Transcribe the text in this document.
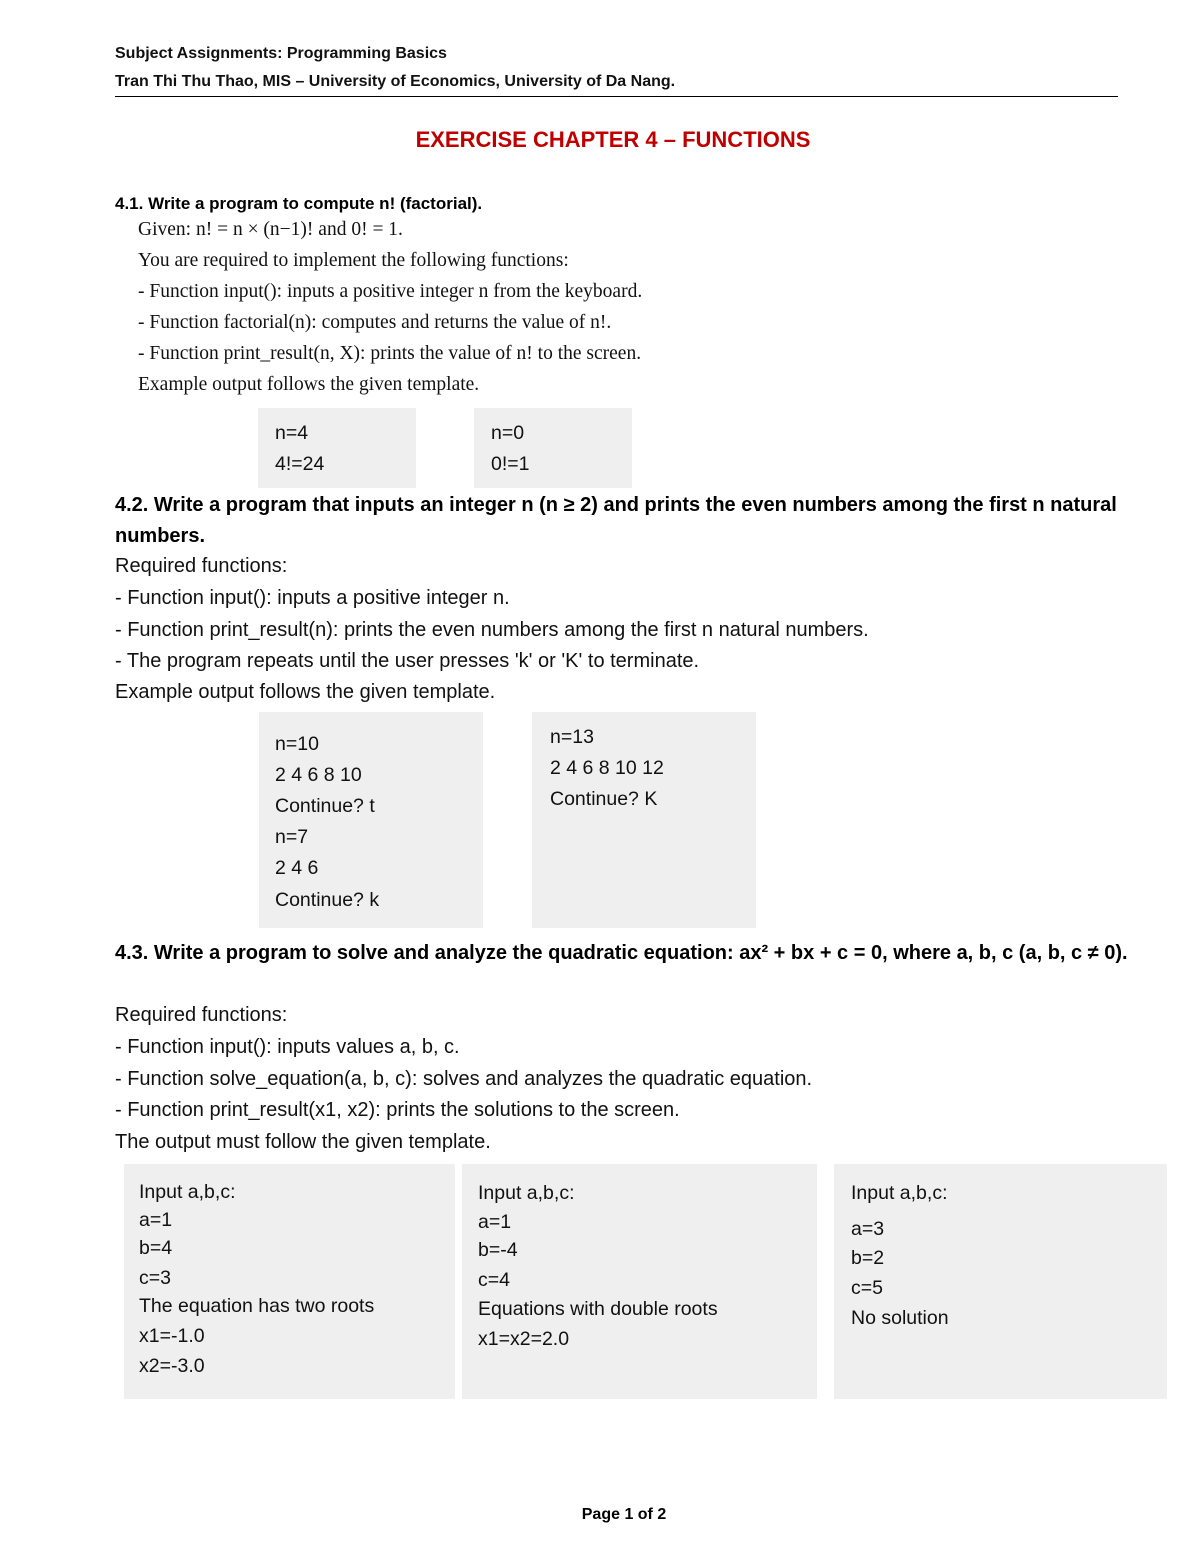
Subject Assignments: Programming Basics
Tran Thi Thu Thao, MIS – University of Economics, University of Da Nang.
EXERCISE CHAPTER 4 – FUNCTIONS
4.1. Write a program to compute n! (factorial).
Given: n! = n × (n−1)! and 0! = 1.
You are required to implement the following functions:
- Function input(): inputs a positive integer n from the keyboard.
- Function factorial(n): computes and returns the value of n!.
- Function print_result(n, X): prints the value of n! to the screen.
Example output follows the given template.
n=4
4!=24
n=0
0!=1
4.2. Write a program that inputs an integer n (n ≥ 2) and prints the even numbers among the first n natural numbers.
Required functions:
- Function input(): inputs a positive integer n.
- Function print_result(n): prints the even numbers among the first n natural numbers.
- The program repeats until the user presses 'k' or 'K' to terminate.
Example output follows the given template.
n=10
2 4 6 8 10
Continue? t
n=7
2 4 6
Continue? k
n=13
2 4 6 8 10 12
Continue? K
4.3. Write a program to solve and analyze the quadratic equation: ax² + bx + c = 0, where a, b, c (a, b, c ≠ 0).
Required functions:
- Function input(): inputs values a, b, c.
- Function solve_equation(a, b, c): solves and analyzes the quadratic equation.
- Function print_result(x1, x2): prints the solutions to the screen.
The output must follow the given template.
Input a,b,c:
a=1
b=4
c=3
The equation has two roots
x1=-1.0
x2=-3.0
Input a,b,c:
a=1
b=-4
c=4
Equations with double roots
x1=x2=2.0
Input a,b,c:
a=3
b=2
c=5
No solution
Page 1 of 2
